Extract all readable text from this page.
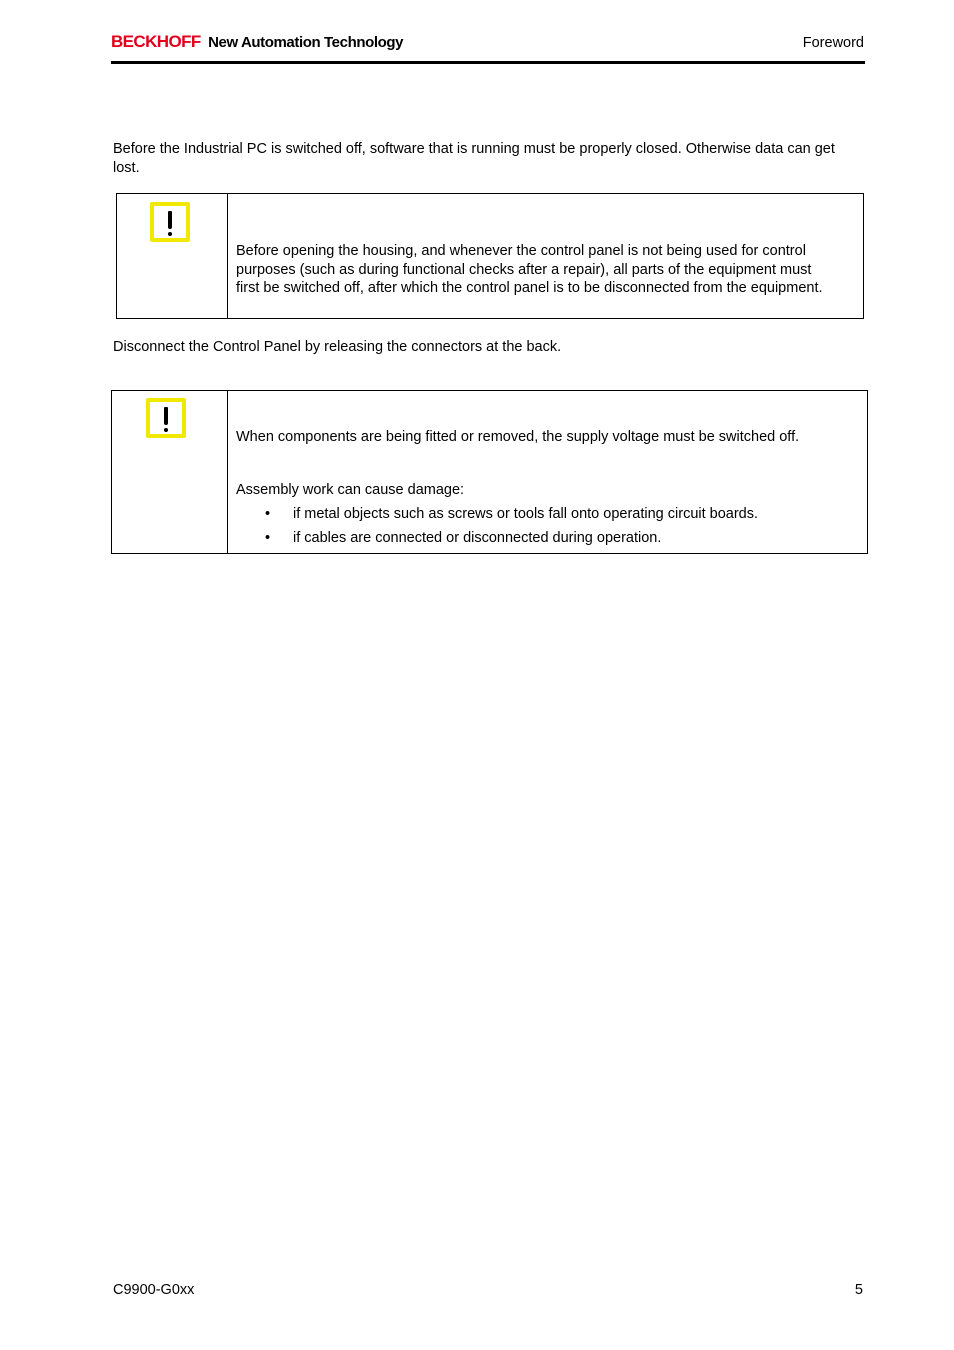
BECKHOFF New Automation Technology	Foreword

Before the Industrial PC is switched off, software that is running must be properly closed. Otherwise data can get lost.

Before opening the housing, and whenever the control panel is not being used for control purposes (such as during functional checks after a repair), all parts of the equipment must first be switched off, after which the control panel is to be disconnected from the equipment.

Disconnect the Control Panel by releasing the connectors at the back.

When components are being fitted or removed, the supply voltage must be switched off.

Assembly work can cause damage:

• if metal objects such as screws or tools fall onto operating circuit boards.
• if cables are connected or disconnected during operation.
C9900-G0xx	5
